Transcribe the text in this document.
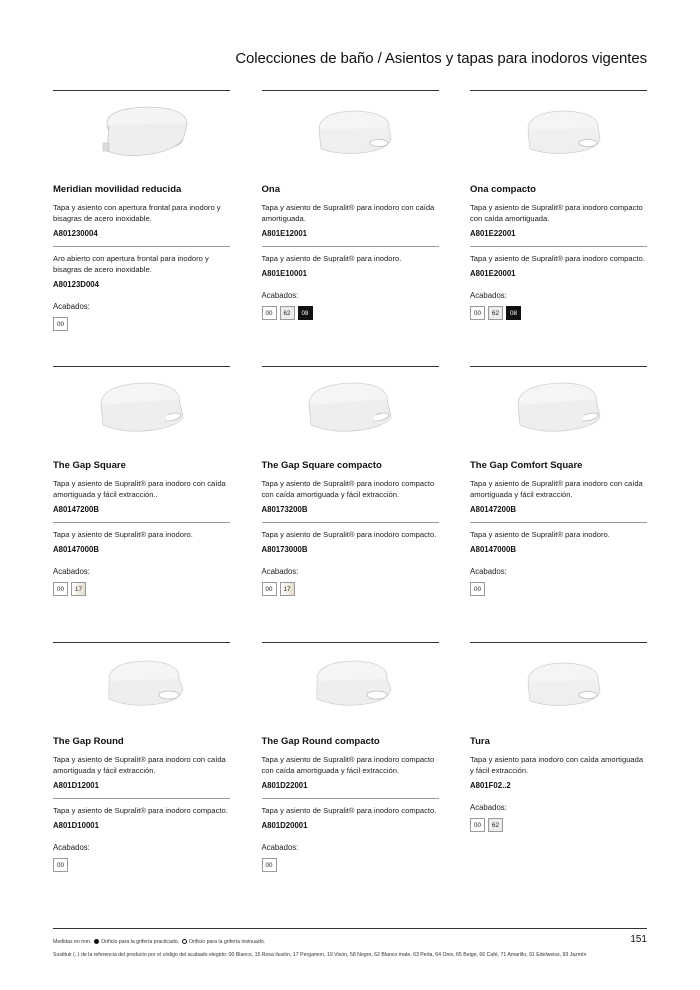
Colecciones de baño / Asientos y tapas para inodoros vigentes
Meridian movilidad reducida
Tapa y asiento con apertura frontal para inodoro y bisagras de acero inoxidable.
A801230004
Aro abierto con apertura frontal para inodoro y bisagras de acero inoxidable.
A80123D004
Acabados:
00
Ona
Tapa y asiento de Supralit® para inodoro con caída amortiguada.
A801E12001
Tapa y asiento de Supralit® para inodoro.
A801E10001
Acabados:
00	62	08
Ona compacto
Tapa y asiento de Supralit® para inodoro compacto con caída amortiguada.
A801E22001
Tapa y asiento de Supralit® para inodoro compacto.
A801E20001
Acabados:
00	62	08
The Gap Square
Tapa y asiento de Supralit® para inodoro con caída amortiguada y fácil extracción..
A80147200B
Tapa y asiento de Supralit® para inodoro.
A80147000B
Acabados:
00	17
The Gap Square compacto
Tapa y asiento de Supralit® para inodoro compacto con caída amortiguada y fácil extracción.
A80173200B
Tapa y asiento de Supralit® para inodoro compacto.
A80173000B
Acabados:
00	17
The Gap Comfort Square
Tapa y asiento de Supralit® para inodoro con caída amortiguada y fácil extracción.
A80147200B
Tapa y asiento de Supralit® para inodoro.
A80147000B
Acabados:
00
The Gap Round
Tapa y asiento de Supralit® para inodoro con caída amortiguada y fácil extracción.
A801D12001
Tapa y asiento de Supralit® para inodoro compacto.
A801D10001
Acabados:
00
The Gap Round compacto
Tapa y asiento de Supralit® para inodoro compacto con caída amortiguada y fácil extracción.
A801D22001
Tapa y asiento de Supralit® para inodoro compacto.
A801D20001
Acabados:
00
Tura
Tapa y asiento para inodoro con caída amortiguada y fácil extracción.
A801F02..2
Acabados:
00	62
Medidas en mm. Orificio para la grifería practicado. Orificio para la grifería insinuado.
Sustituir (..) de la referencia del producto por el código del acabado elegido: 00 Blanco, 15 Rosa ilusión, 17 Pergamon, 19 Visón, 58 Negro, 62 Blanco mate, 63 Perla, 64 Onix, 65 Beige, 66 Café, 71 Amarillo, 91 Edelweiss, 93 Jazmín
151
